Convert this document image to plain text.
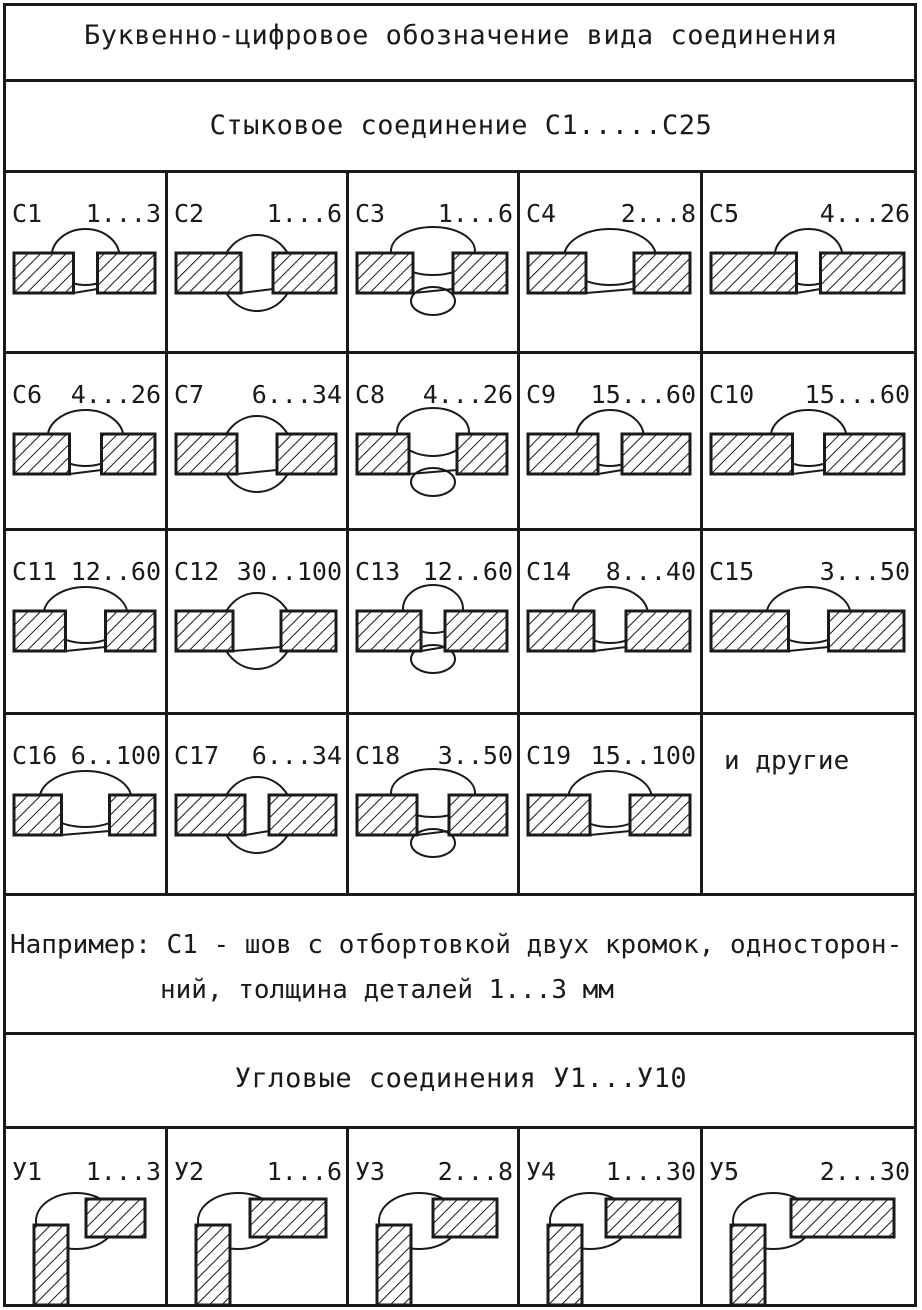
Буквенно-цифровое обозначение вида соединения
Стыковое соединение С1.....С25
Угловые соединения У1...У10
Например: С1 - шов с отбортовкой двух кромок, односторон-
ний, толщина деталей 1...3 мм
и другие
С1 1...3 С2	1...6 С3 1...6 С4	2...8 С5	4...26
С6 4...26 С7 6...34 С8 4...26 С9 15...60 С10 15...60
С11 12..60 С12 30..100 С13 12..60 С14 8...40 С15	3...50
С16 6..100 С17 6...34 С18 3..50 С19 15..100
У1 1...3 У2	1...6 У3 2...8 У4 1...30 У5	2...30
